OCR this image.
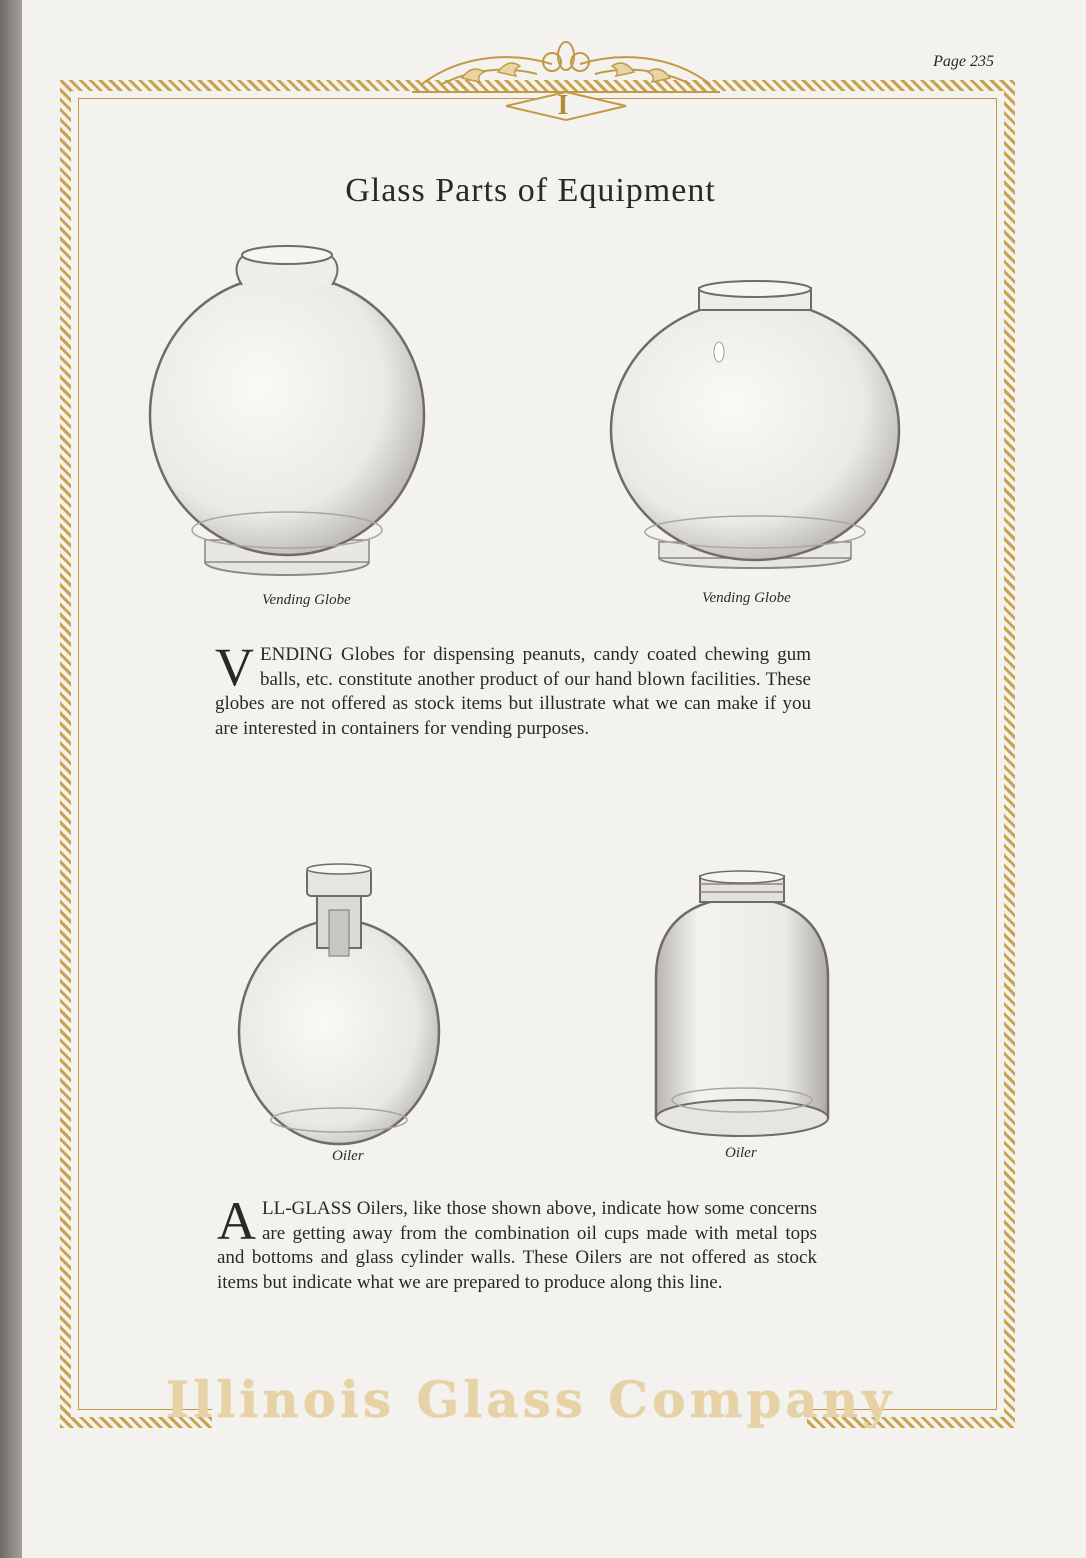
Page 235
I
Glass Parts of Equipment
Vending Globe	Vending Globe
VENDING Globes for dispensing peanuts, candy coated chewing gum balls, etc. constitute another product of our hand blown facilities. These globes are not offered as stock items but illustrate what we can make if you are interested in containers for vending purposes.
Oiler	Oiler
ALL-GLASS Oilers, like those shown above, indicate how some concerns are getting away from the combination oil cups made with metal tops and bottoms and glass cylinder walls. These Oilers are not offered as stock items but indicate what we are prepared to produce along this line.
Illinois Glass Company
